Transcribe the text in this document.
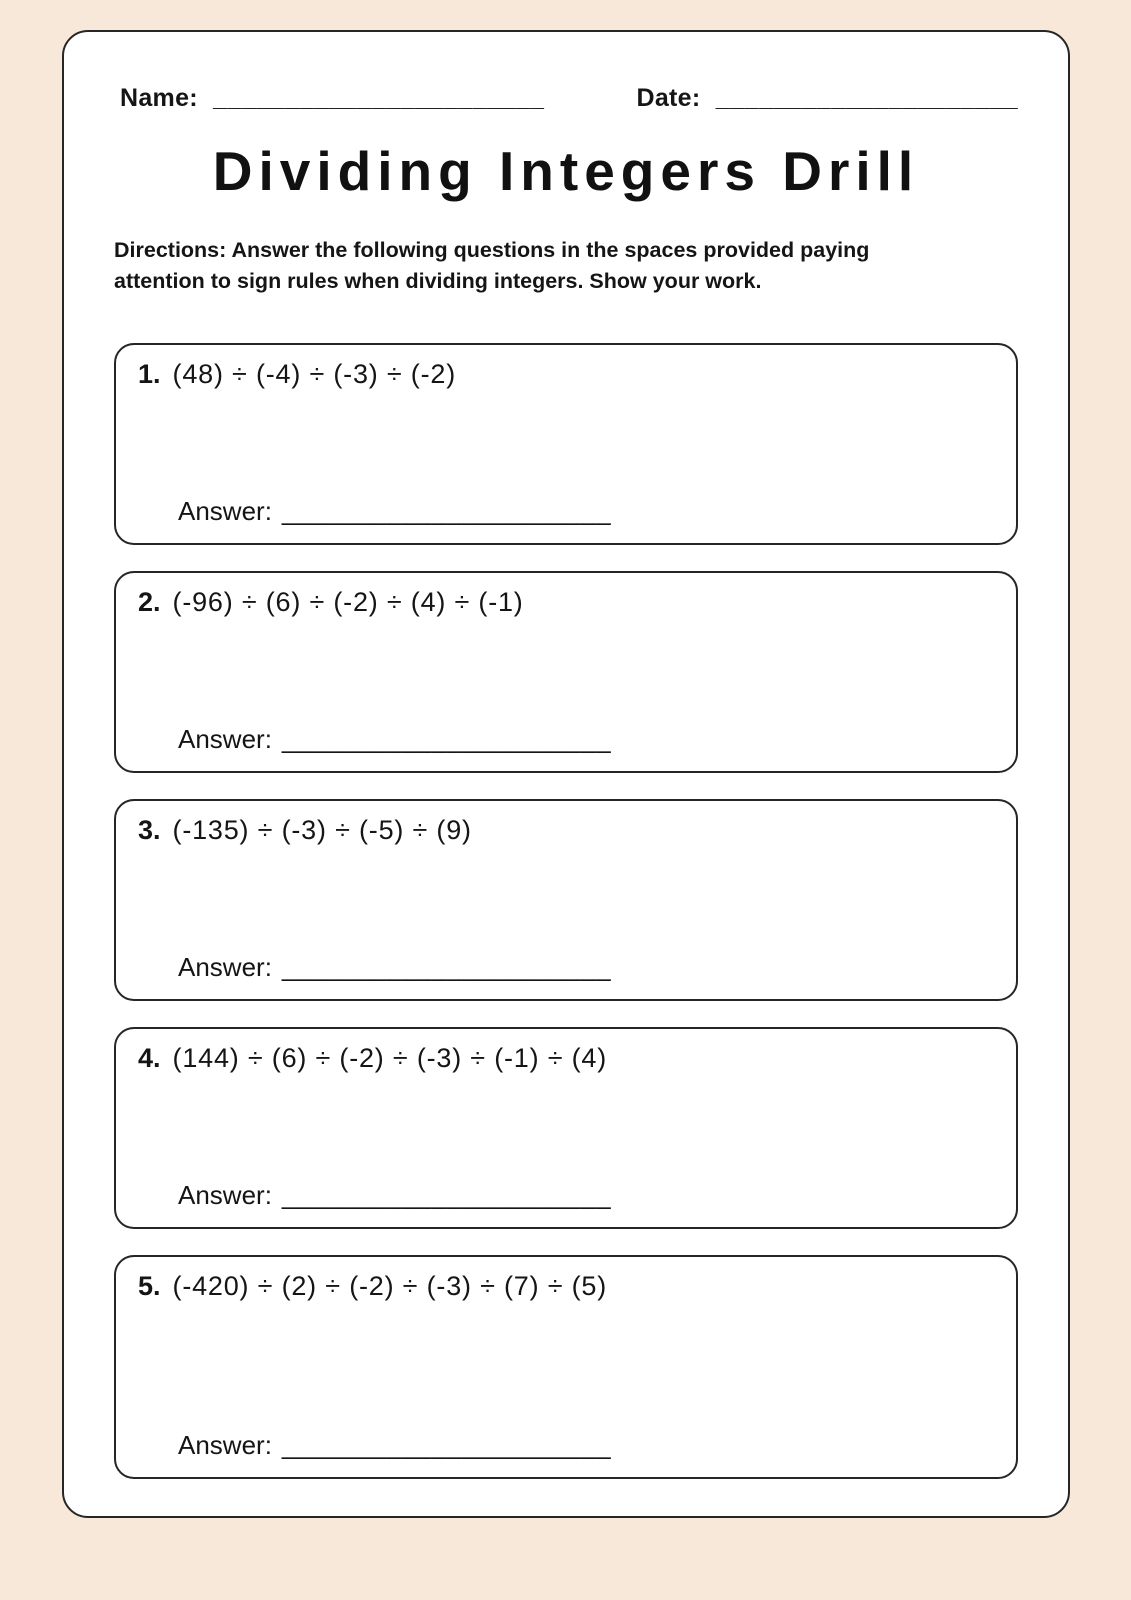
Name: _______________________	Date: _____________________
Dividing Integers Drill
Directions: Answer the following questions in the spaces provided paying
attention to sign rules when dividing integers. Show your work.
1. (48) ÷ (-4) ÷ (-3) ÷ (-2)
Answer: ______________________
2. (-96) ÷ (6) ÷ (-2) ÷ (4) ÷ (-1)
Answer: ______________________
3. (-135) ÷ (-3) ÷ (-5) ÷ (9)
Answer: ______________________
4. (144) ÷ (6) ÷ (-2) ÷ (-3) ÷ (-1) ÷ (4)
Answer: ______________________
5. (-420) ÷ (2) ÷ (-2) ÷ (-3) ÷ (7) ÷ (5)
Answer: ______________________
